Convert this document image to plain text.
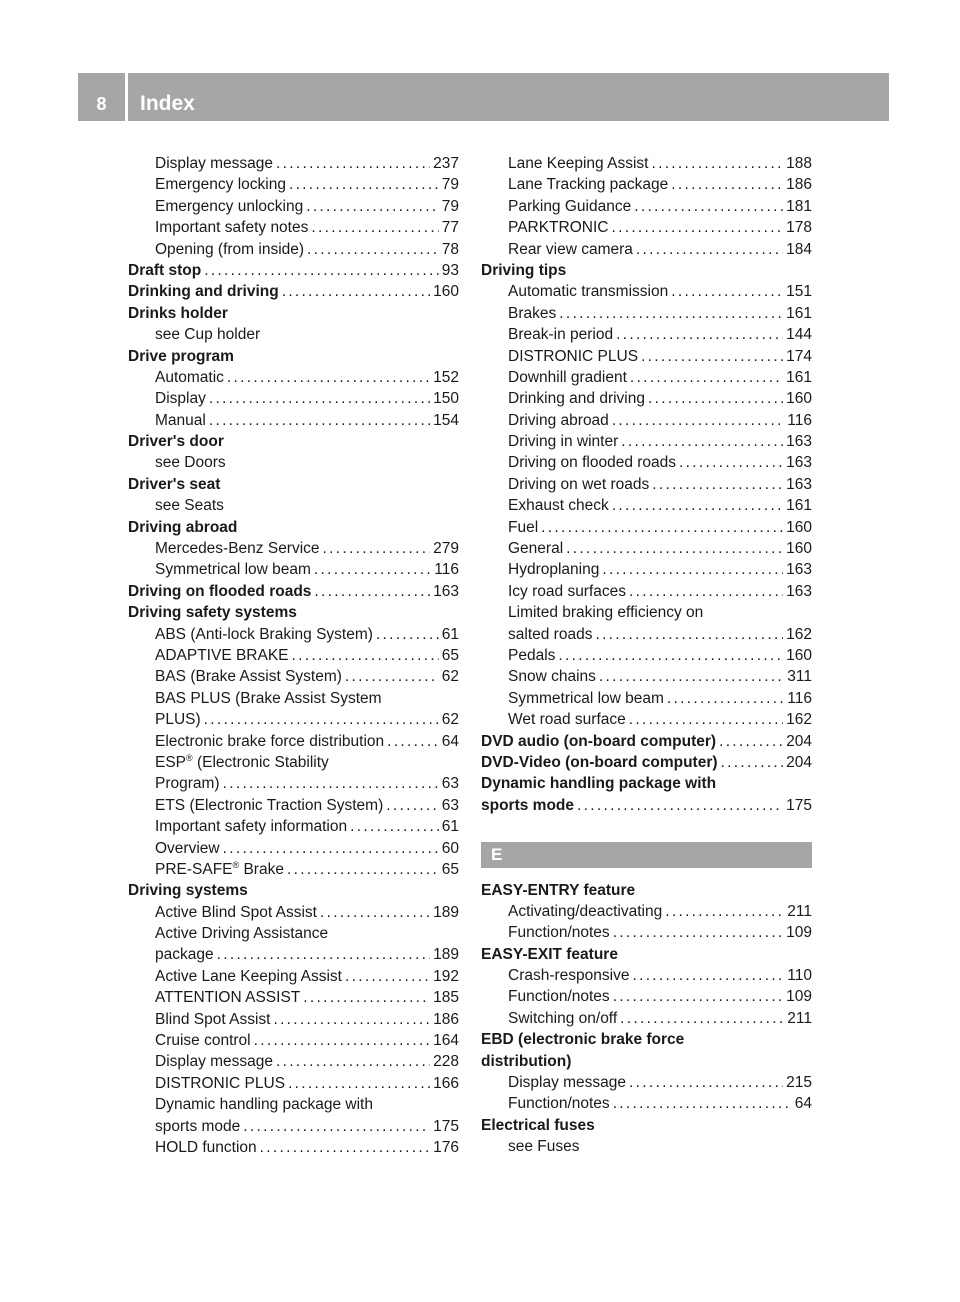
8	Index
Display message . . .	237
Emergency locking . . .	79
Emergency unlocking . . .	79
Important safety notes . . .	77
Opening (from inside) . . .	78
Draft stop . . .	93
Drinking and driving . . .	160
Drinks holder
see Cup holder
Drive program
Automatic . . .	152
Display . . .	150
Manual . . .	154
Driver's door
see Doors
Driver's seat
see Seats
Driving abroad
Mercedes-Benz Service . . .	279
Symmetrical low beam . . .	116
Driving on flooded roads . . .	163
Driving safety systems
ABS (Anti-lock Braking System) . . .	61
ADAPTIVE BRAKE . . .	65
BAS (Brake Assist System) . . .	62
BAS PLUS (Brake Assist System
PLUS) . . .	62
Electronic brake force distribution . . .	64
ESP® (Electronic Stability
Program) . . .	63
ETS (Electronic Traction System) . . .	63
Important safety information . . .	61
Overview . . .	60
PRE-SAFE® Brake . . .	65
Driving systems
Active Blind Spot Assist . . .	189
Active Driving Assistance
package . . .	189
Active Lane Keeping Assist . . .	192
ATTENTION ASSIST . . .	185
Blind Spot Assist . . .	186
Cruise control . . .	164
Display message . . .	228
DISTRONIC PLUS . . .	166
Dynamic handling package with
sports mode . . .	175
HOLD function . . .	176
Lane Keeping Assist . . .	188
Lane Tracking package . . .	186
Parking Guidance . . .	181
PARKTRONIC . . .	178
Rear view camera . . .	184
Driving tips
Automatic transmission . . .	151
Brakes . . .	161
Break-in period . . .	144
DISTRONIC PLUS . . .	174
Downhill gradient . . .	161
Drinking and driving . . .	160
Driving abroad . . .	116
Driving in winter . . .	163
Driving on flooded roads . . .	163
Driving on wet roads . . .	163
Exhaust check . . .	161
Fuel . . .	160
General . . .	160
Hydroplaning . . .	163
Icy road surfaces . . .	163
Limited braking efficiency on
salted roads . . .	162
Pedals . . .	160
Snow chains . . .	311
Symmetrical low beam . . .	116
Wet road surface . . .	162
DVD audio (on-board computer) . . .	204
DVD-Video (on-board computer) . . .	204
Dynamic handling package with
sports mode . . .	175
E
EASY-ENTRY feature
Activating/deactivating . . .	211
Function/notes . . .	109
EASY-EXIT feature
Crash-responsive . . .	110
Function/notes . . .	109
Switching on/off . . .	211
EBD (electronic brake force
distribution)
Display message . . .	215
Function/notes . . .	64
Electrical fuses
see Fuses
